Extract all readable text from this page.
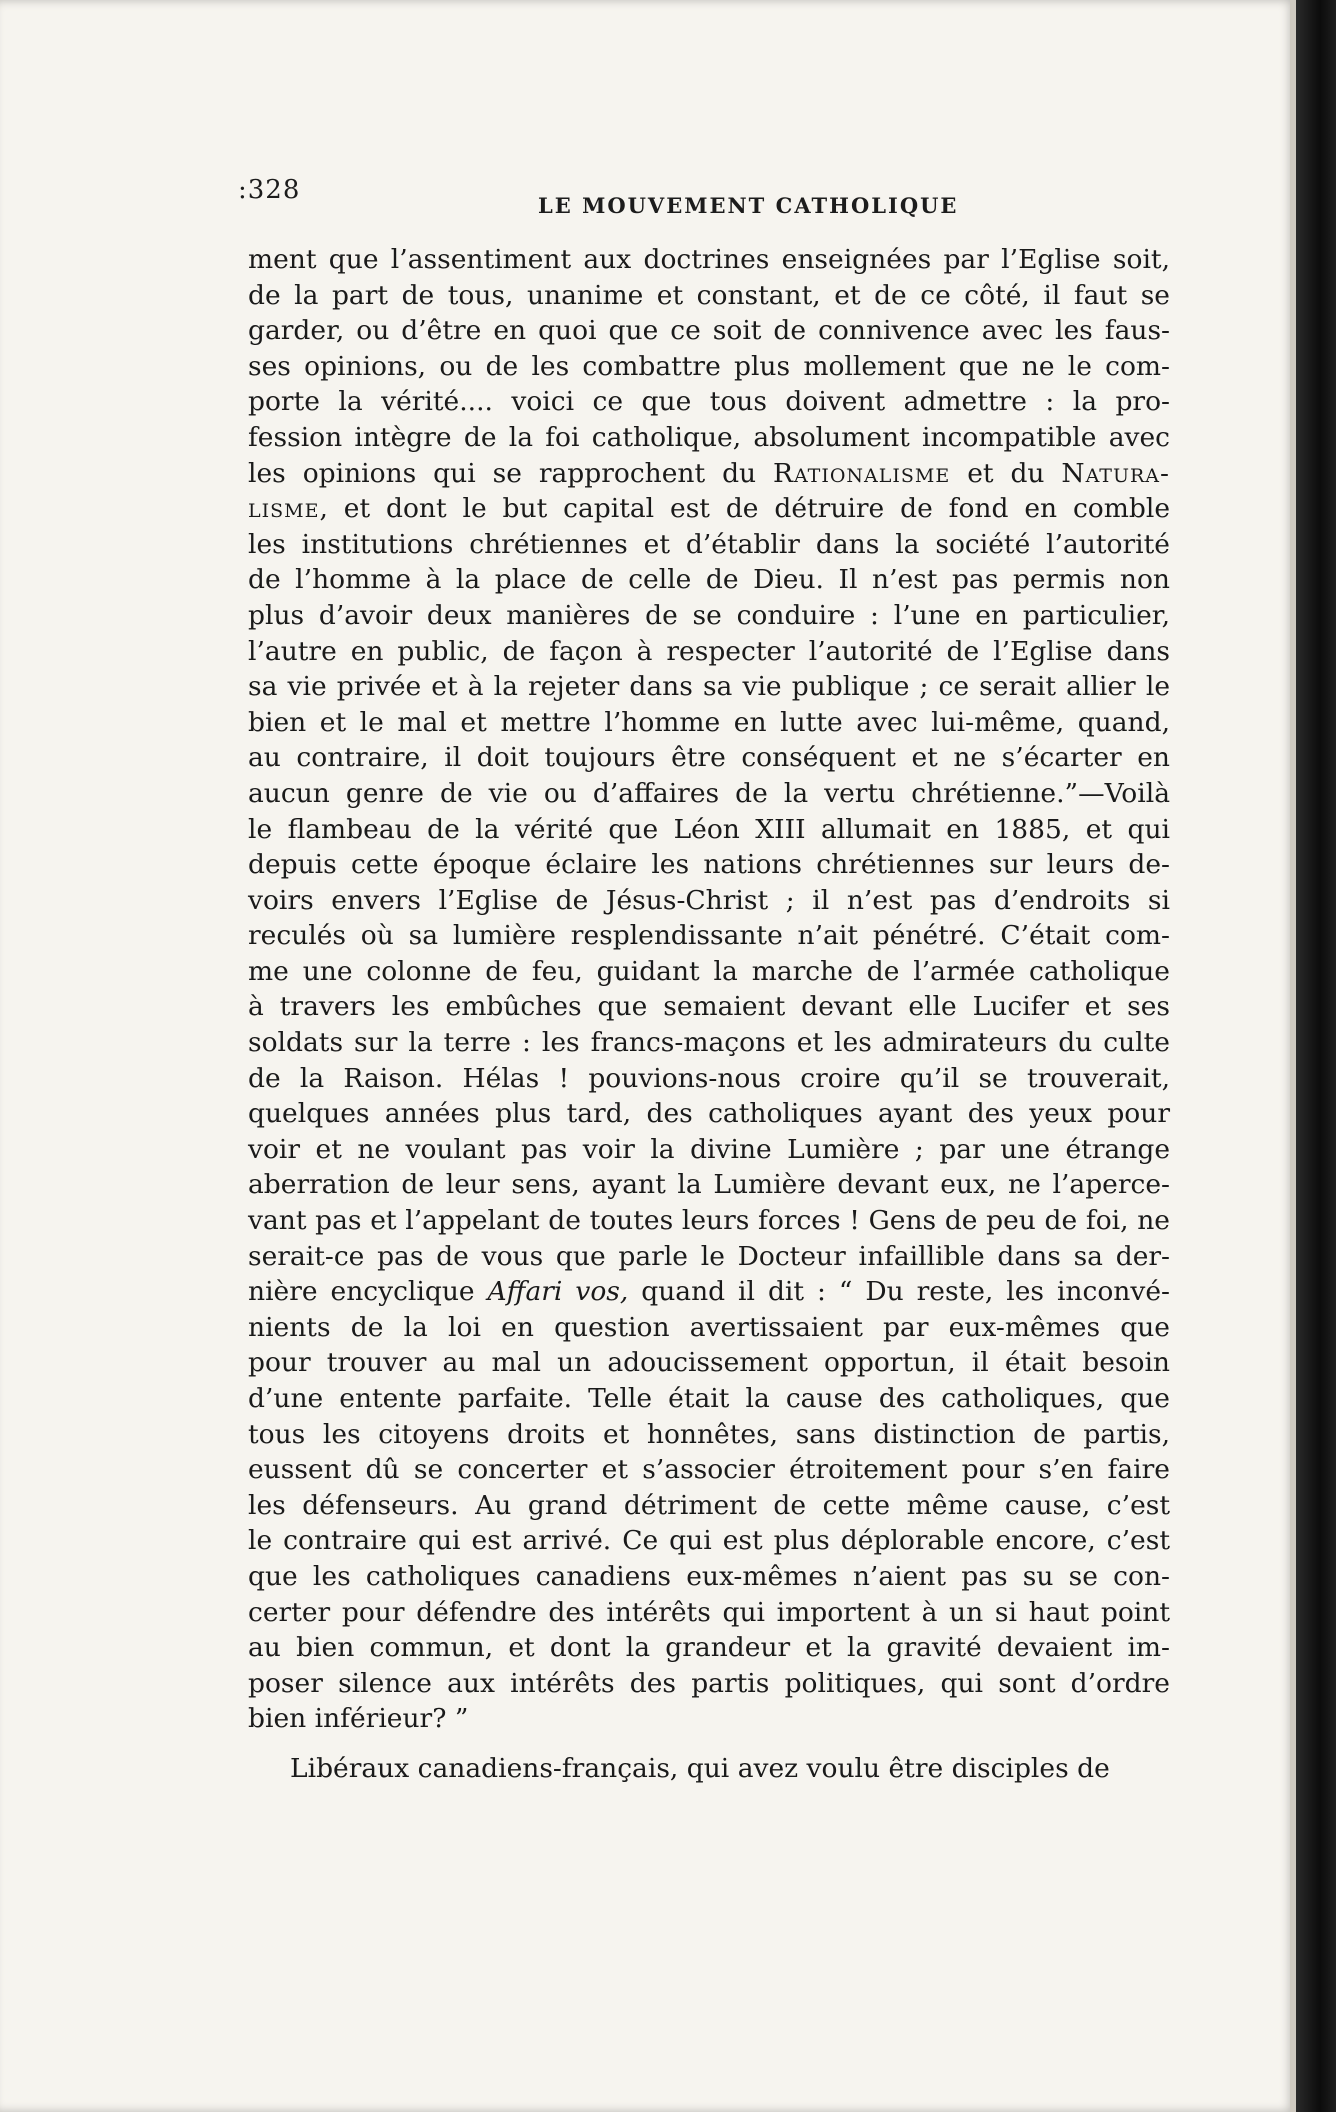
:328
LE MOUVEMENT CATHOLIQUE
ment que l’assentiment aux doctrines enseignées par l’Eglise soit,
de la part de tous, unanime et constant, et de ce côté, il faut se
garder, ou d’être en quoi que ce soit de connivence avec les faus-
ses opinions, ou de les combattre plus mollement que ne le com-
porte la vérité.... voici ce que tous doivent admettre : la pro-
fession intègre de la foi catholique, absolument incompatible avec
les opinions qui se rapprochent du Rationalisme et du Natura-
lisme, et dont le but capital est de détruire de fond en comble
les institutions chrétiennes et d’établir dans la société l’autorité
de l’homme à la place de celle de Dieu. Il n’est pas permis non
plus d’avoir deux manières de se conduire : l’une en particulier,
l’autre en public, de façon à respecter l’autorité de l’Eglise dans
sa vie privée et à la rejeter dans sa vie publique ; ce serait allier le
bien et le mal et mettre l’homme en lutte avec lui-même, quand,
au contraire, il doit toujours être conséquent et ne s’écarter en
aucun genre de vie ou d’affaires de la vertu chrétienne.”—Voilà
le flambeau de la vérité que Léon XIII allumait en 1885, et qui
depuis cette époque éclaire les nations chrétiennes sur leurs de-
voirs envers l’Eglise de Jésus-Christ ; il n’est pas d’endroits si
reculés où sa lumière resplendissante n’ait pénétré. C’était com-
me une colonne de feu, guidant la marche de l’armée catholique
à travers les embûches que semaient devant elle Lucifer et ses
soldats sur la terre : les francs-maçons et les admirateurs du culte
de la Raison. Hélas ! pouvions-nous croire qu’il se trouverait,
quelques années plus tard, des catholiques ayant des yeux pour
voir et ne voulant pas voir la divine Lumière ; par une étrange
aberration de leur sens, ayant la Lumière devant eux, ne l’aperce-
vant pas et l’appelant de toutes leurs forces ! Gens de peu de foi, ne
serait-ce pas de vous que parle le Docteur infaillible dans sa der-
nière encyclique Affari vos, quand il dit : “ Du reste, les inconvé-
nients de la loi en question avertissaient par eux-mêmes que
pour trouver au mal un adoucissement opportun, il était besoin
d’une entente parfaite. Telle était la cause des catholiques, que
tous les citoyens droits et honnêtes, sans distinction de partis,
eussent dû se concerter et s’associer étroitement pour s’en faire
les défenseurs. Au grand détriment de cette même cause, c’est
le contraire qui est arrivé. Ce qui est plus déplorable encore, c’est
que les catholiques canadiens eux-mêmes n’aient pas su se con-
certer pour défendre des intérêts qui importent à un si haut point
au bien commun, et dont la grandeur et la gravité devaient im-
poser silence aux intérêts des partis politiques, qui sont d’ordre
bien inférieur? ”
Libéraux canadiens-français, qui avez voulu être disciples de
